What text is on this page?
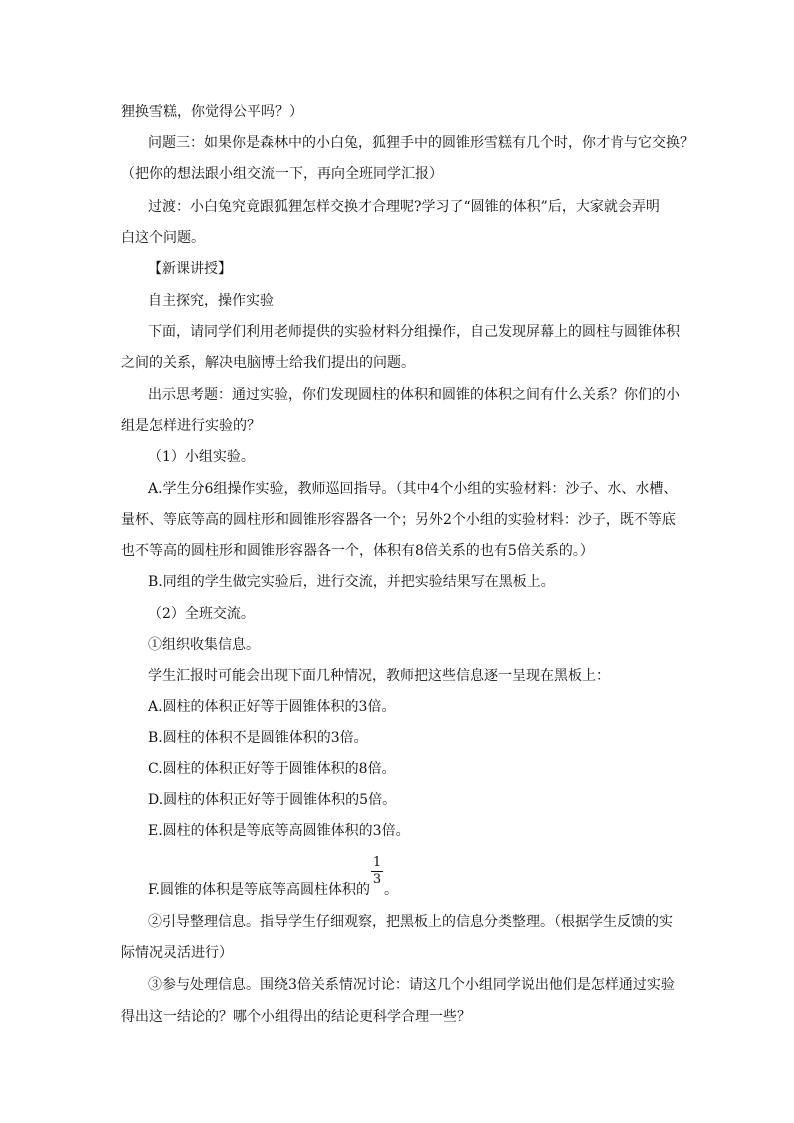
狸换雪糕，你觉得公平吗？）
问题三：如果你是森林中的小白兔，狐狸手中的圆锥形雪糕有几个时，你才肯与它交换？
（把你的想法跟小组交流一下，再向全班同学汇报）
过渡：小白兔究竟跟狐狸怎样交换才合理呢?学习了“圆锥的体积”后，大家就会弄明
白这个问题。
【新课讲授】
自主探究，操作实验
下面，请同学们利用老师提供的实验材料分组操作，自己发现屏幕上的圆柱与圆锥体积
之间的关系，解决电脑博士给我们提出的问题。
出示思考题：通过实验，你们发现圆柱的体积和圆锥的体积之间有什么关系？你们的小
组是怎样进行实验的？
（1）小组实验。
A.学生分6组操作实验，教师巡回指导。（其中4个小组的实验材料：沙子、水、水槽、
量杯、等底等高的圆柱形和圆锥形容器各一个；另外2个小组的实验材料：沙子，既不等底
也不等高的圆柱形和圆锥形容器各一个，体积有8倍关系的也有5倍关系的。）
B.同组的学生做完实验后，进行交流，并把实验结果写在黑板上。
（2）全班交流。
①组织收集信息。
学生汇报时可能会出现下面几种情况，教师把这些信息逐一呈现在黑板上：
A.圆柱的体积正好等于圆锥体积的3倍。
B.圆柱的体积不是圆锥体积的3倍。
C.圆柱的体积正好等于圆锥体积的8倍。
D.圆柱的体积正好等于圆锥体积的5倍。
E.圆柱的体积是等底等高圆锥体积的3倍。
F.圆锥的体积是等底等高圆柱体积的
1
3
。
②引导整理信息。指导学生仔细观察，把黑板上的信息分类整理。（根据学生反馈的实
际情况灵活进行）
③参与处理信息。围绕3倍关系情况讨论：请这几个小组同学说出他们是怎样通过实验
得出这一结论的？哪个小组得出的结论更科学合理一些？
